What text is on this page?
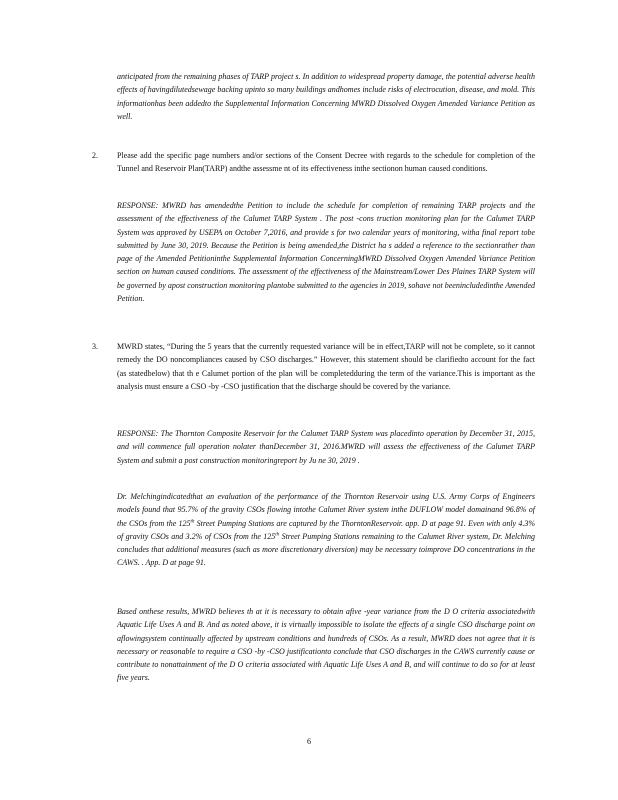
anticipated from the remaining phases of TARP project s. In addition to widespread property damage, the potential adverse health effects of havingdilutedsewage backing upinto so many buildings andhomes include risks of electrocution, disease, and mold. This informationhas been addedto the Supplemental Information Concerning MWRD Dissolved Oxygen Amended Variance Petition as well.

2. Please add the specific page numbers and/or sections of the Consent Decree with regards to the schedule for completion of the Tunnel and Reservoir Plan(TARP) andthe assessme nt of its effectiveness inthe sectionon human caused conditions.

RESPONSE: MWRD has amendedthe Petition to include the schedule for completion of remaining TARP projects and the assessment of the effectiveness of the Calumet TARP System . The post -cons truction monitoring plan for the Calumet TARP System was approved by USEPA on October 7,2016, and provide s for two calendar years of monitoring, witha final report tobe submitted by June 30, 2019. Because the Petition is being amended,the District ha s added a reference to the sectionrather than page of the Amended Petitioninthe Supplemental Information ConcerningMWRD Dissolved Oxygen Amended Variance Petition section on human caused conditions. The assessment of the effectiveness of the Mainstream/Lower Des Plaines TARP System will be governed by apost construction monitoring plantobe submitted to the agencies in 2019, sohave not beenincludedinthe Amended Petition.

3. MWRD states, “During the 5 years that the currently requested variance will be in effect,TARP will not be complete, so it cannot remedy the DO noncompliances caused by CSO discharges.” However, this statement should be clarifiedto account for the fact (as statedbelow) that th e Calumet portion of the plan will be completedduring the term of the variance.This is important as the analysis must ensure a CSO -by -CSO justification that the discharge should be covered by the variance.

RESPONSE: The Thornton Composite Reservoir for the Calumet TARP System was placedinto operation by December 31, 2015, and will commence full operation nolater thanDecember 31, 2016.MWRD will assess the effectiveness of the Calumet TARP System and submit a post construction monitoringreport by Ju ne 30, 2019 .

Dr. Melchingindicatedthat an evaluation of the performance of the Thornton Reservoir using U.S. Army Corps of Engineers models found that 95.7% of the gravity CSOs flowing intothe Calumet River system inthe DUFLOW model domainand 96.8% of the CSOs from the 125th Street Pumping Stations are captured by the ThorntonReservoir. app. D at page 91. Even with only 4.3% of gravity CSOs and 3.2% of CSOs from the 125th Street Pumping Stations remaining to the Calumet River system, Dr. Melching concludes that additional measures (such as more discretionary diversion) may be necessary toimprove DO concentrations in the CAWS. . App. D at page 91.

Based onthese results, MWRD believes th at it is necessary to obtain afive -year variance from the D O criteria associatedwith Aquatic Life Uses A and B. And as noted above, it is virtually impossible to isolate the effects of a single CSO discharge point on aflowingsystem continually affected by upstream conditions and hundreds of CSOs. As a result, MWRD does not agree that it is necessary or reasonable to require a CSO -by -CSO justificationto conclude that CSO discharges in the CAWS currently cause or contribute to nonattainment of the D O criteria associated with Aquatic Life Uses A and B, and will continue to do so for at least five years.

6
